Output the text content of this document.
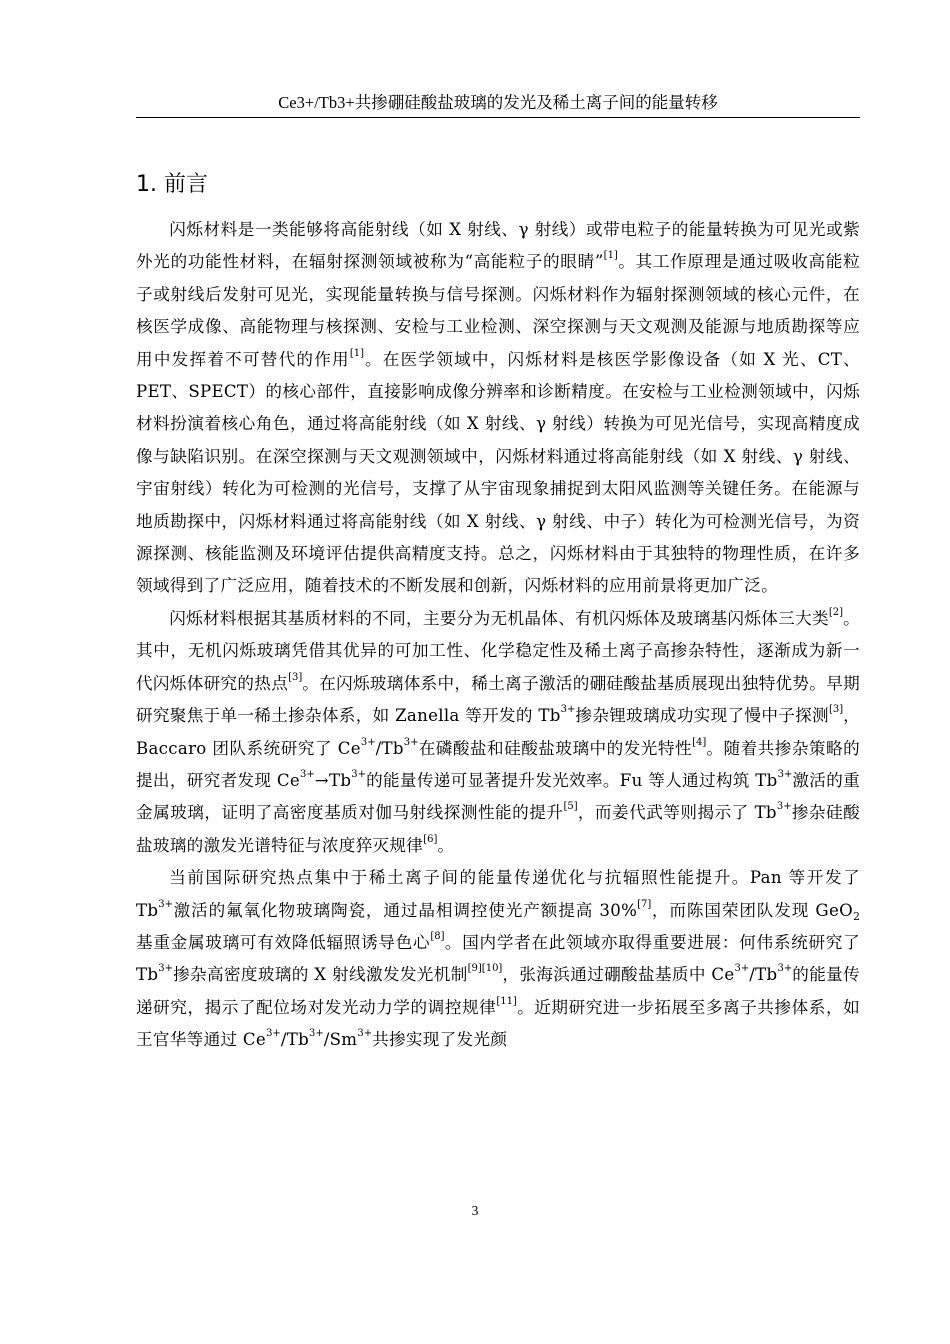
Ce3+/Tb3+共掺硼硅酸盐玻璃的发光及稀土离子间的能量转移
1. 前言

闪烁材料是一类能够将高能射线（如 X 射线、γ 射线）或带电粒子的能量转换为可见光或紫外光的功能性材料，在辐射探测领域被称为“高能粒子的眼睛”[1]。其工作原理是通过吸收高能粒子或射线后发射可见光，实现能量转换与信号探测。闪烁材料作为辐射探测领域的核心元件，在核医学成像、高能物理与核探测、安检与工业检测、深空探测与天文观测及能源与地质勘探等应用中发挥着不可替代的作用[1]。在医学领域中，闪烁材料是核医学影像设备（如 X 光、CT、PET、SPECT）的核心部件，直接影响成像分辨率和诊断精度。在安检与工业检测领域中，闪烁材料扮演着核心角色，通过将高能射线（如 X 射线、γ 射线）转换为可见光信号，实现高精度成像与缺陷识别。在深空探测与天文观测领域中，闪烁材料通过将高能射线（如 X 射线、γ 射线、宇宙射线）转化为可检测的光信号，支撑了从宇宙现象捕捉到太阳风监测等关键任务。在能源与地质勘探中，闪烁材料通过将高能射线（如 X 射线、γ 射线、中子）转化为可检测光信号，为资源探测、核能监测及环境评估提供高精度支持。总之，闪烁材料由于其独特的物理性质，在许多领域得到了广泛应用，随着技术的不断发展和创新，闪烁材料的应用前景将更加广泛。

闪烁材料根据其基质材料的不同，主要分为无机晶体、有机闪烁体及玻璃基闪烁体三大类[2]。其中，无机闪烁玻璃凭借其优异的可加工性、化学稳定性及稀土离子高掺杂特性，逐渐成为新一代闪烁体研究的热点[3]。在闪烁玻璃体系中，稀土离子激活的硼硅酸盐基质展现出独特优势。早期研究聚焦于单一稀土掺杂体系，如 Zanella 等开发的 $Tb^{3+}$掺杂锂玻璃成功实现了慢中子探测[3]，Baccaro 团队系统研究了 $Ce^{3+}/Tb^{3+}$在磷酸盐和硅酸盐玻璃中的发光特性[4]。随着共掺杂策略的提出，研究者发现 $Ce^{3+}\to Tb^{3+}$的能量传递可显著提升发光效率。Fu 等人通过构筑 $Tb^{3+}$激活的重金属玻璃，证明了高密度基质对伽马射线探测性能的提升[5]，而姜代武等则揭示了 $Tb^{3+}$掺杂硅酸盐玻璃的激发光谱特征与浓度猝灭规律[6]。

当前国际研究热点集中于稀土离子间的能量传递优化与抗辐照性能提升。Pan 等开发了 $Tb^{3+}$激活的氟氧化物玻璃陶瓷，通过晶相调控使光产额提高 30%[7]，而陈国荣团队发现 GeO$_2$ 基重金属玻璃可有效降低辐照诱导色心[8]。国内学者在此领域亦取得重要进展：何伟系统研究了 $Tb^{3+}$掺杂高密度玻璃的 X 射线激发发光机制[9][10]，张海浜通过硼酸盐基质中 $Ce^{3+}/Tb^{3+}$的能量传递研究，揭示了配位场对发光动力学的调控规律[11]。近期研究进一步拓展至多离子共掺体系，如王官华等通过 $Ce^{3+}/Tb^{3+}/Sm^{3+}$共掺实现了发光颜

3
